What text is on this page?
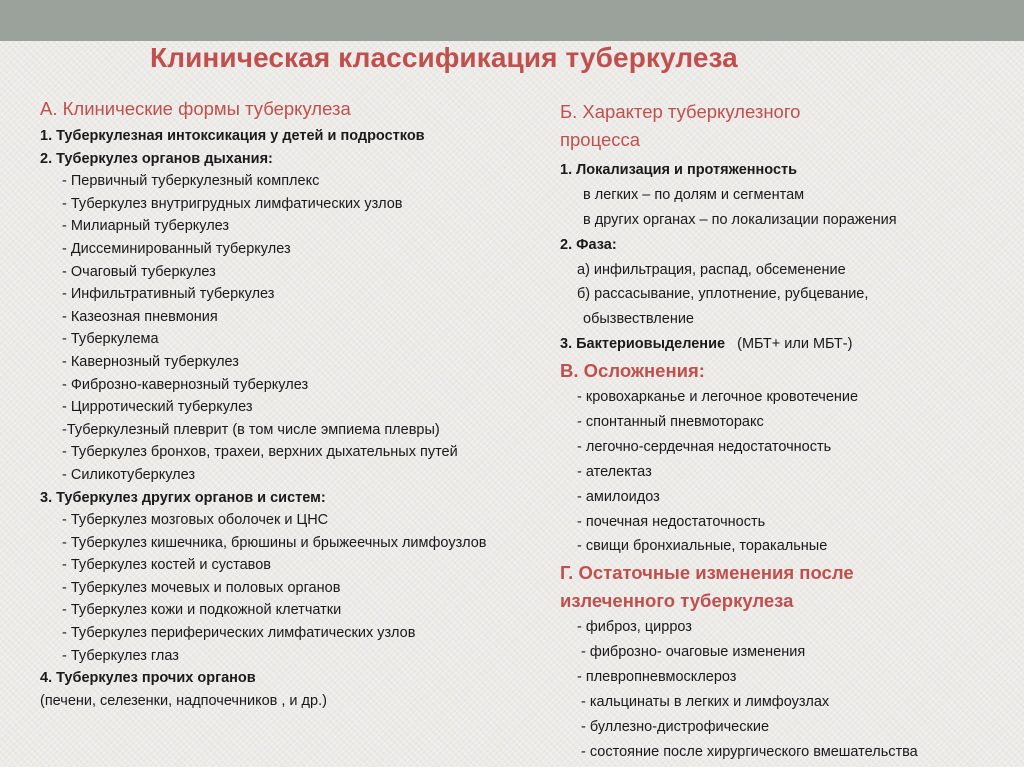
Клиническая классификация туберкулеза
А. Клинические формы туберкулеза
1. Туберкулезная интоксикация у детей и подростков
2. Туберкулез органов дыхания:
- Первичный туберкулезный комплекс
- Туберкулез внутригрудных лимфатических узлов
- Милиарный туберкулез
- Диссеминированный туберкулез
- Очаговый туберкулез
- Инфильтративный туберкулез
- Казеозная пневмония
- Туберкулема
- Кавернозный туберкулез
- Фиброзно-кавернозный туберкулез
- Цирротический туберкулез
-Туберкулезный плеврит (в том числе эмпиема плевры)
- Туберкулез бронхов, трахеи, верхних дыхательных путей
- Силикотуберкулез
3. Туберкулез других органов и систем:
- Туберкулез мозговых оболочек и ЦНС
- Туберкулез кишечника, брюшины и брыжеечных лимфоузлов
- Туберкулез костей и суставов
- Туберкулез мочевых и половых органов
- Туберкулез кожи и подкожной клетчатки
- Туберкулез периферических лимфатических узлов
- Туберкулез глаз
4. Туберкулез прочих органов
(печени, селезенки, надпочечников , и др.)
Б. Характер туберкулезного
процесса
1. Локализация и протяженность
в легких – по долям и сегментам
в других органах – по локализации поражения
2. Фаза:
а) инфильтрация, распад, обсеменение
б) рассасывание, уплотнение, рубцевание,
обызвествление
3. Бактериовыделение   (МБТ+ или МБТ-)
В. Осложнения:
- кровохарканье и легочное кровотечение
- спонтанный пневмоторакс
- легочно-сердечная недостаточность
- ателектаз
- амилоидоз
- почечная недостаточность
- свищи бронхиальные, торакальные
Г. Остаточные изменения после
излеченного туберкулеза
- фиброз, цирроз
- фиброзно- очаговые изменения
- плевропневмосклероз
- кальцинаты в легких и лимфоузлах
- буллезно-дистрофические
- состояние после хирургического вмешательства
